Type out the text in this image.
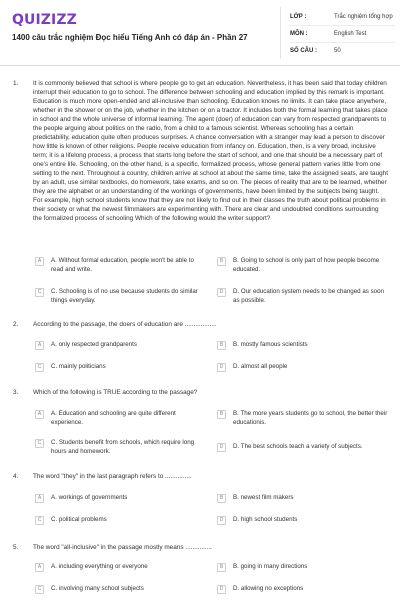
QUIZIZZ
1400 câu trắc nghiệm Đọc hiểu Tiếng Anh có đáp án - Phần 27
LỚP :	Trắc nghiệm tổng hợp
MÔN :	English Test
SỐ CÂU :	50
1. It is commonly believed that school is where people go to get an education. Nevertheless, it has been said that today children interrupt their education to go to school. The difference between schooling and education implied by this remark is important. Education is much more open-ended and all-inclusive than schooling. Education knows no limits. It can take place anywhere, whether in the shower or on the job, whether in the kitchen or on a tractor. It includes both the formal learning that takes place in school and the whole universe of informal learning. The agent (doer) of education can vary from respected grandparents to the people arguing about politics on the radio, from a child to a famous scientist. Whereas schooling has a certain predictability, education quite often produces surprises. A chance conversation with a stranger may lead a person to discover how little is known of other religions. People receive education from infancy on. Education, then, is a very broad, inclusive term; it is a lifelong process, a process that starts long before the start of school, and one that should be a necessary part of one's entire life. Schooling, on the other hand, is a specific, formalized process, whose general pattern varies little from one setting to the next. Throughout a country, children arrive at school at about the same time, take the assigned seats, are taught by an adult, use similar textbooks, do homework, take exams, and so on. The pieces of reality that are to be learned, whether they are the alphabet or an understanding of the workings of governments, have been limited by the subjects being taught. For example, high school students know that they are not likely to find out in their classes the truth about political problems in their society or what the newest filmmakers are experimenting with. There are clear and undoubted conditions surrounding the formalized process of schooling Which of the following would the writer support?
A	A. Without formal education, people won't be able to read and write.
B	B. Going to school is only part of how people become educated.
C	C. Schooling is of no use because students do similar things everyday.
D	D. Our education system needs to be changed as soon as possible.
2. According to the passage, the doers of education are ..................
A	A. only respected grandparents	B	B. mostly famous scientists
C	C. mainly politicians	D	D. almost all people
3. Which of the following is TRUE according to the passage?
A	A. Education and schooling are quite different experience.
B	B. The more years students go to school, the better their educationis.
C	C. Students benefit from schools, which require long hours and homework.
D	D. The best schools teach a variety of subjects.
4. The word "they" in the last paragraph refers to ...............
A	A. workings of governments	B	B. newest film makers
C	C. political problems	D	D. high school students
5. The word "all-inclusive" in the passage mostly means ...............
A	A. including everything or everyone	B	B. going in many directions
C	C. involving many school subjects	D	D. allowing no exceptions
